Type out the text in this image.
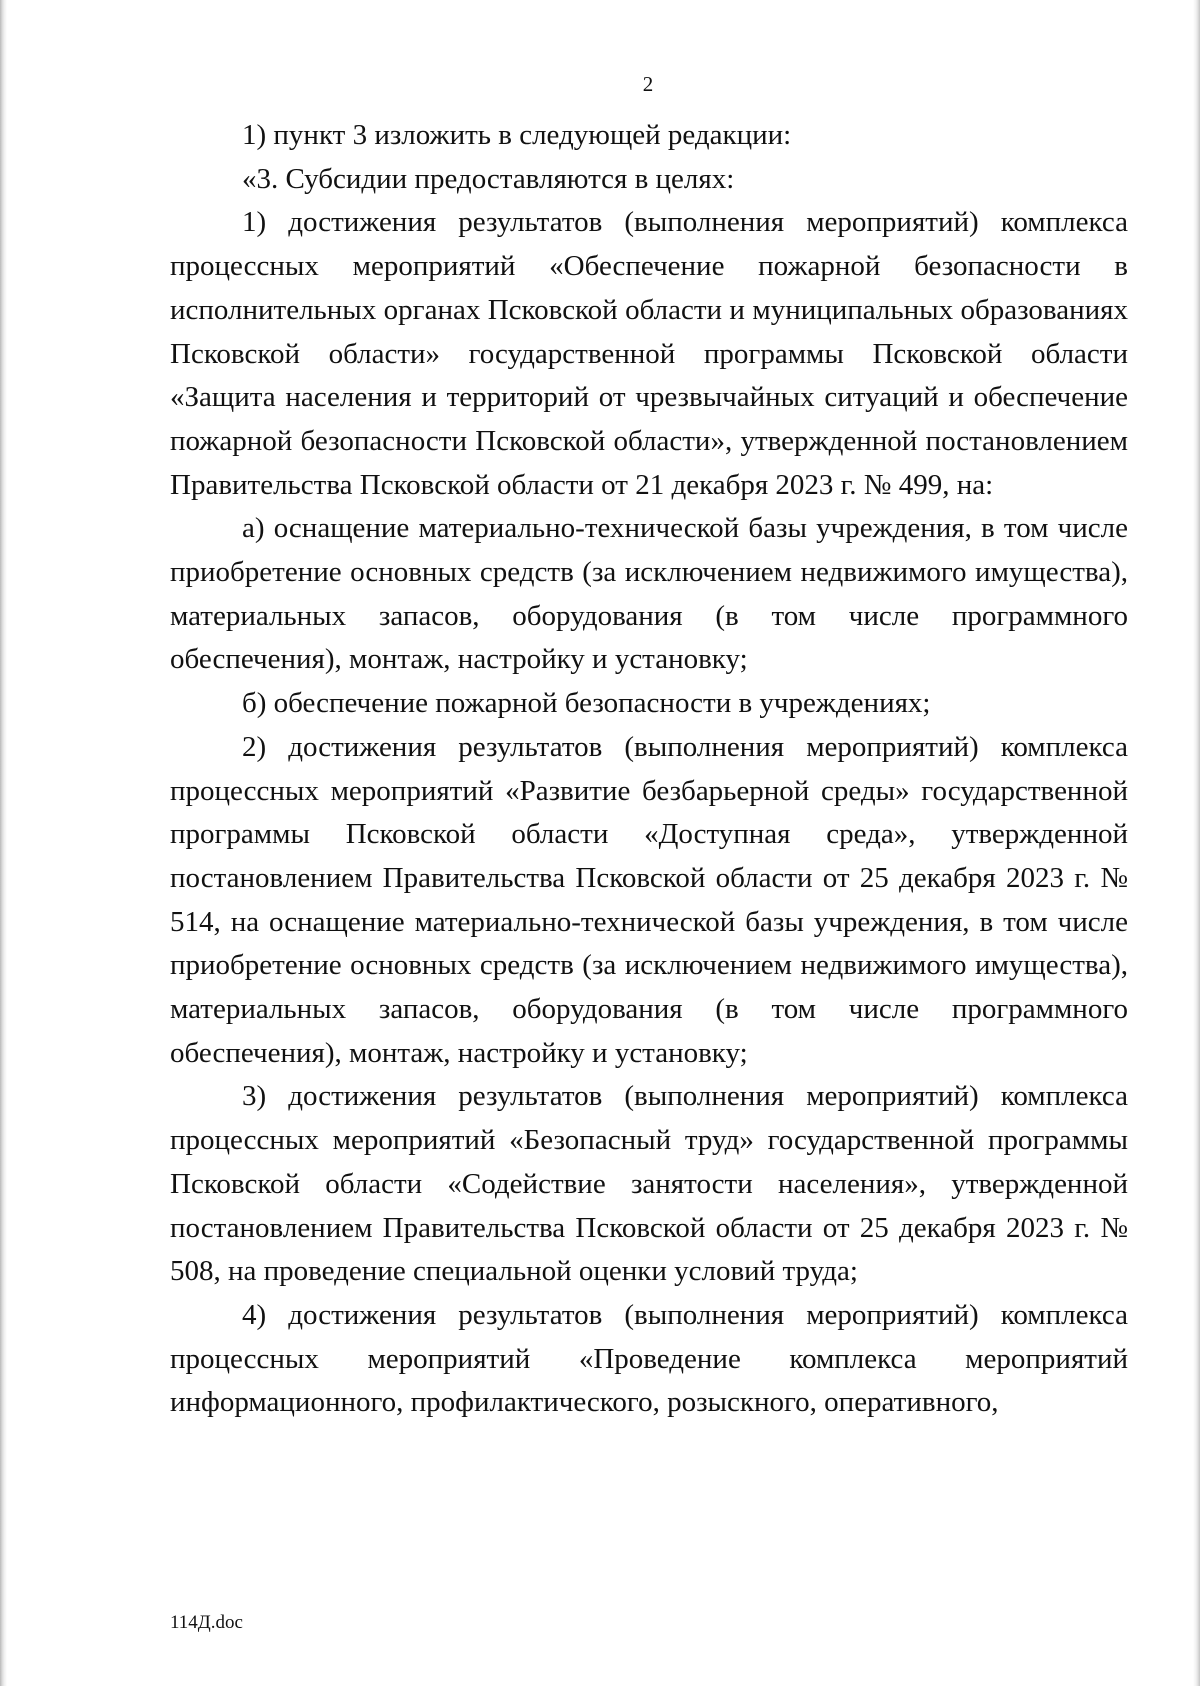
2

1) пункт 3 изложить в следующей редакции:

«3. Субсидии предоставляются в целях:

1) достижения результатов (выполнения мероприятий) комплекса процессных мероприятий «Обеспечение пожарной безопасности в исполнительных органах Псковской области и муниципальных образованиях Псковской области» государственной программы Псковской области «Защита населения и территорий от чрезвычайных ситуаций и обеспечение пожарной безопасности Псковской области», утвержденной постановлением Правительства Псковской области от 21 декабря 2023 г. № 499, на:

а) оснащение материально-технической базы учреждения, в том числе приобретение основных средств (за исключением недвижимого имущества), материальных запасов, оборудования (в том числе программного обеспечения), монтаж, настройку и установку;

б) обеспечение пожарной безопасности в учреждениях;

2) достижения результатов (выполнения мероприятий) комплекса процессных мероприятий «Развитие безбарьерной среды» государственной программы Псковской области «Доступная среда», утвержденной постановлением Правительства Псковской области от 25 декабря 2023 г. № 514, на оснащение материально-технической базы учреждения, в том числе приобретение основных средств (за исключением недвижимого имущества), материальных запасов, оборудования (в том числе программного обеспечения), монтаж, настройку и установку;

3) достижения результатов (выполнения мероприятий) комплекса процессных мероприятий «Безопасный труд» государственной программы Псковской области «Содействие занятости населения», утвержденной постановлением Правительства Псковской области от 25 декабря 2023 г. № 508, на проведение специальной оценки условий труда;

4) достижения результатов (выполнения мероприятий) комплекса процессных мероприятий «Проведение комплекса мероприятий информационного, профилактического, розыскного, оперативного,

114Д.doc
